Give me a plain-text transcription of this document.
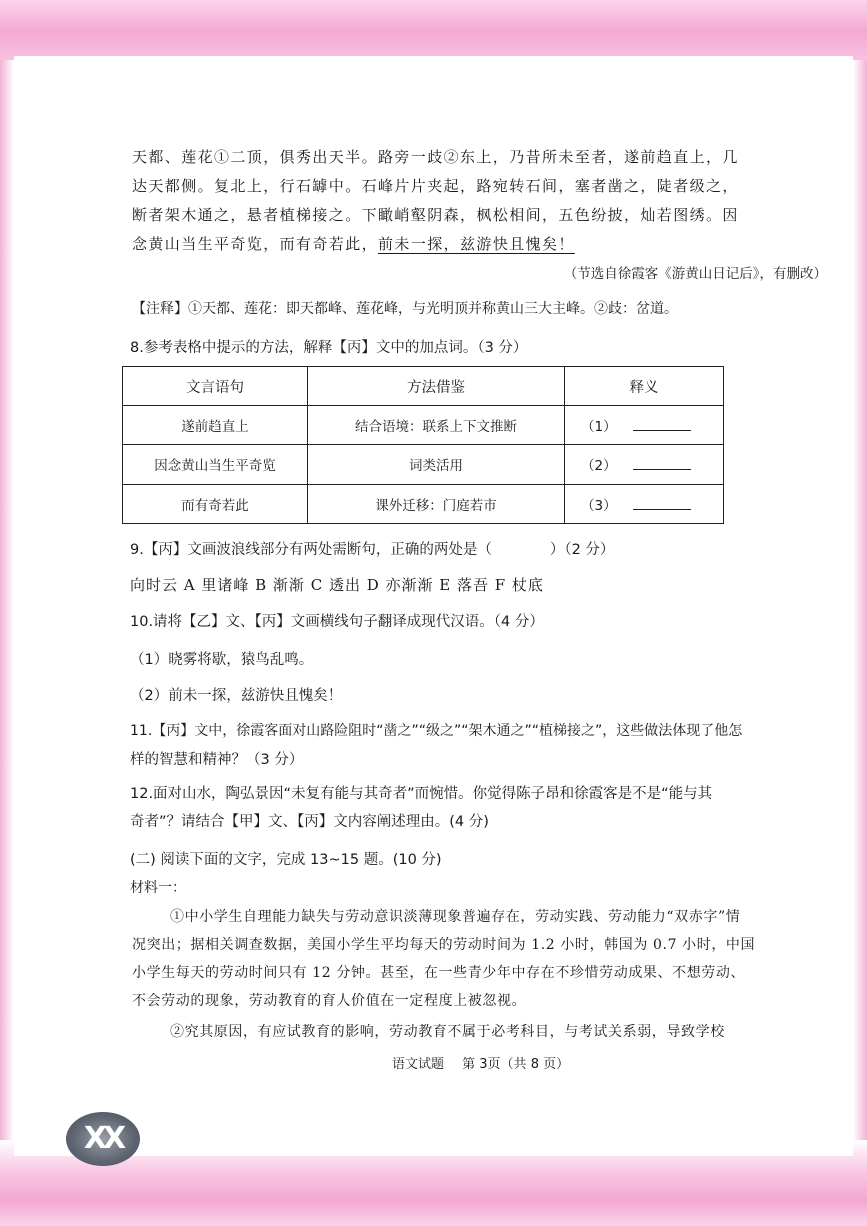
天都、莲花①二顶，俱秀出天半。路旁一歧②东上，乃昔所未至者，遂前趋直上，几
达天都侧。复北上，行石罅中。石峰片片夹起，路宛转石间，塞者凿之，陡者级之，
断者架木通之，悬者植梯接之。下瞰峭壑阴森，枫松相间，五色纷披，灿若图绣。因
念黄山当生平奇览，而有奇若此，前未一探，兹游快且愧矣！
（节选自徐霞客《游黄山日记后》，有删改）
【注释】①天都、莲花：即天都峰、莲花峰，与光明顶并称黄山三大主峰。②歧：岔道。
8.参考表格中提示的方法，解释【丙】文中的加点词。（3 分）
文言语句	方法借鉴	释义
遂前趋直上	结合语境：联系上下文推断	（1）
因念黄山当生平奇览	词类活用	（2）
而有奇若此	课外迁移：门庭若市	（3）
9.【丙】文画波浪线部分有两处需断句，正确的两处是（　　　　）（2 分）
向时云 A 里诸峰 B 渐渐 C 透出 D 亦渐渐 E 落吾 F 杖底
10.请将【乙】文、【丙】文画横线句子翻译成现代汉语。（4 分）
（1）晓雾将歇，猿鸟乱鸣。
（2）前未一探，兹游快且愧矣！
11.【丙】文中，徐霞客面对山路险阻时“凿之”“级之”“架木通之”“植梯接之”，这些做法体现了他怎
样的智慧和精神？（3 分）
12.面对山水，陶弘景因“未复有能与其奇者”而惋惜。你觉得陈子昂和徐霞客是不是“能与其
奇者”？请结合【甲】文、【丙】文内容阐述理由。(4 分)
(二) 阅读下面的文字，完成 13~15 题。(10 分)
材料一：
①中小学生自理能力缺失与劳动意识淡薄现象普遍存在，劳动实践、劳动能力“双赤字”情
况突出；据相关调查数据，美国小学生平均每天的劳动时间为 1.2 小时，韩国为 0.7 小时，中国
小学生每天的劳动时间只有 12 分钟。甚至，在一些青少年中存在不珍惜劳动成果、不想劳动、
不会劳动的现象，劳动教育的育人价值在一定程度上被忽视。
②究其原因，有应试教育的影响，劳动教育不属于必考科目，与考试关系弱，导致学校
语文试题 第 3页（共 8 页）
XX
